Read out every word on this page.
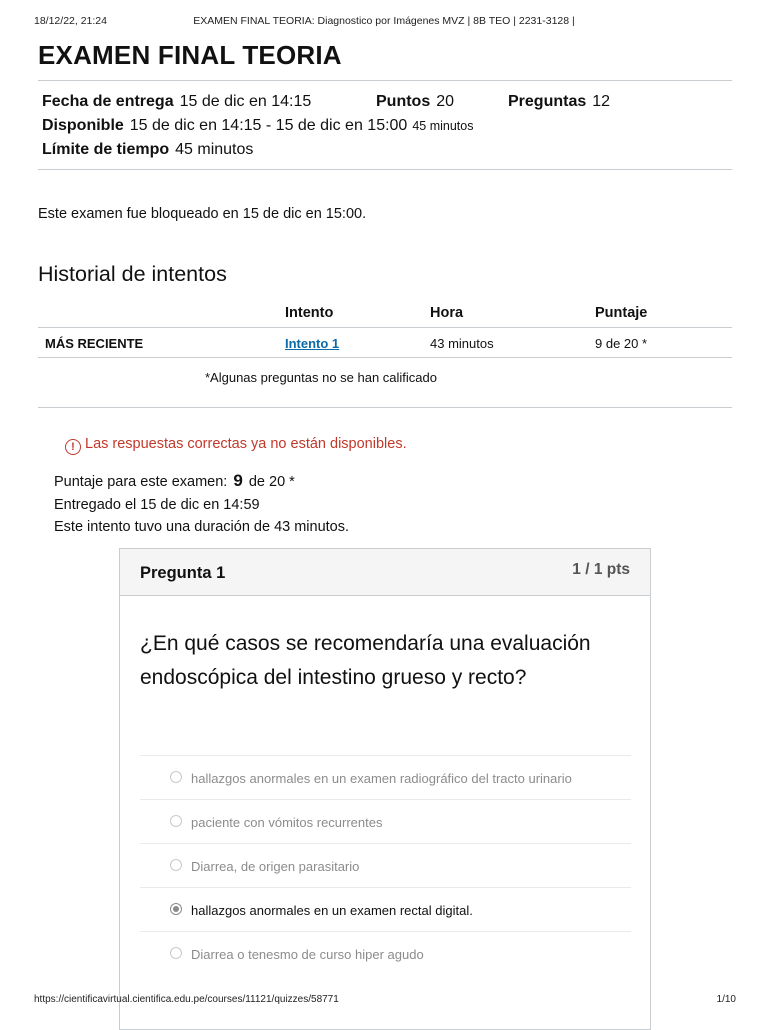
18/12/22, 21:24	EXAMEN FINAL TEORIA: Diagnostico por Imágenes MVZ | 8B TEO | 2231-3128 |
EXAMEN FINAL TEORIA
Fecha de entrega 15 de dic en 14:15	Puntos 20	Preguntas 12
Disponible 15 de dic en 14:15 - 15 de dic en 15:00 45 minutos
Límite de tiempo 45 minutos
Este examen fue bloqueado en 15 de dic en 15:00.
Historial de intentos
	Intento	Hora	Puntaje
MÁS RECIENTE	Intento 1	43 minutos	9 de 20 *
*Algunas preguntas no se han calificado
! Las respuestas correctas ya no están disponibles.
Puntaje para este examen: 9 de 20 *
Entregado el 15 de dic en 14:59
Este intento tuvo una duración de 43 minutos.
Pregunta 1	1 / 1 pts
¿En qué casos se recomendaría una evaluación endoscópica del intestino grueso y recto?
hallazgos anormales en un examen radiográfico del tracto urinario
paciente con vómitos recurrentes
Diarrea, de origen parasitario
hallazgos anormales en un examen rectal digital.
Diarrea o tenesmo de curso hiper agudo
https://cientificavirtual.cientifica.edu.pe/courses/11121/quizzes/58771	1/10
